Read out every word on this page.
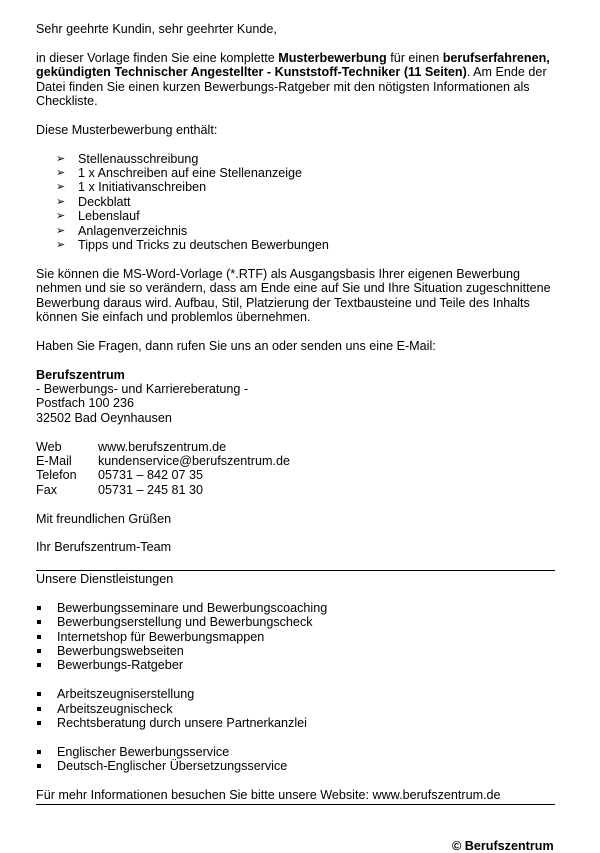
Sehr geehrte Kundin, sehr geehrter Kunde,

in dieser Vorlage finden Sie eine komplette Musterbewerbung für einen berufserfahrenen, gekündigten Technischer Angestellter - Kunststoff-Techniker (11 Seiten). Am Ende der Datei finden Sie einen kurzen Bewerbungs-Ratgeber mit den nötigsten Informationen als Checkliste.

Diese Musterbewerbung enthält:

➢ Stellenausschreibung
➢ 1 x Anschreiben auf eine Stellenanzeige
➢ 1 x Initiativanschreiben
➢ Deckblatt
➢ Lebenslauf
➢ Anlagenverzeichnis
➢ Tipps und Tricks zu deutschen Bewerbungen

Sie können die MS-Word-Vorlage (*.RTF) als Ausgangsbasis Ihrer eigenen Bewerbung nehmen und sie so verändern, dass am Ende eine auf Sie und Ihre Situation zugeschnittene Bewerbung daraus wird. Aufbau, Stil, Platzierung der Textbausteine und Teile des Inhalts können Sie einfach und problemlos übernehmen.

Haben Sie Fragen, dann rufen Sie uns an oder senden uns eine E-Mail:

Berufszentrum
- Bewerbungs- und Karriereberatung -
Postfach 100 236
32502 Bad Oeynhausen
Web	www.berufszentrum.de
E-Mail	kundenservice@berufszentrum.de
Telefon	05731 – 842 07 35
Fax	05731 – 245 81 30

Mit freundlichen Grüßen

Ihr Berufszentrum-Team

Unsere Dienstleistungen

Bewerbungsseminare und Bewerbungscoaching
Bewerbungserstellung und Bewerbungscheck
Internetshop für Bewerbungsmappen
Bewerbungswebseiten
Bewerbungs-Ratgeber
Arbeitszeugniserstellung
Arbeitszeugnischeck
Rechtsberatung durch unsere Partnerkanzlei
Englischer Bewerbungsservice
Deutsch-Englischer Übersetzungsservice

Für mehr Informationen besuchen Sie bitte unsere Website: www.berufszentrum.de

© Berufszentrum
